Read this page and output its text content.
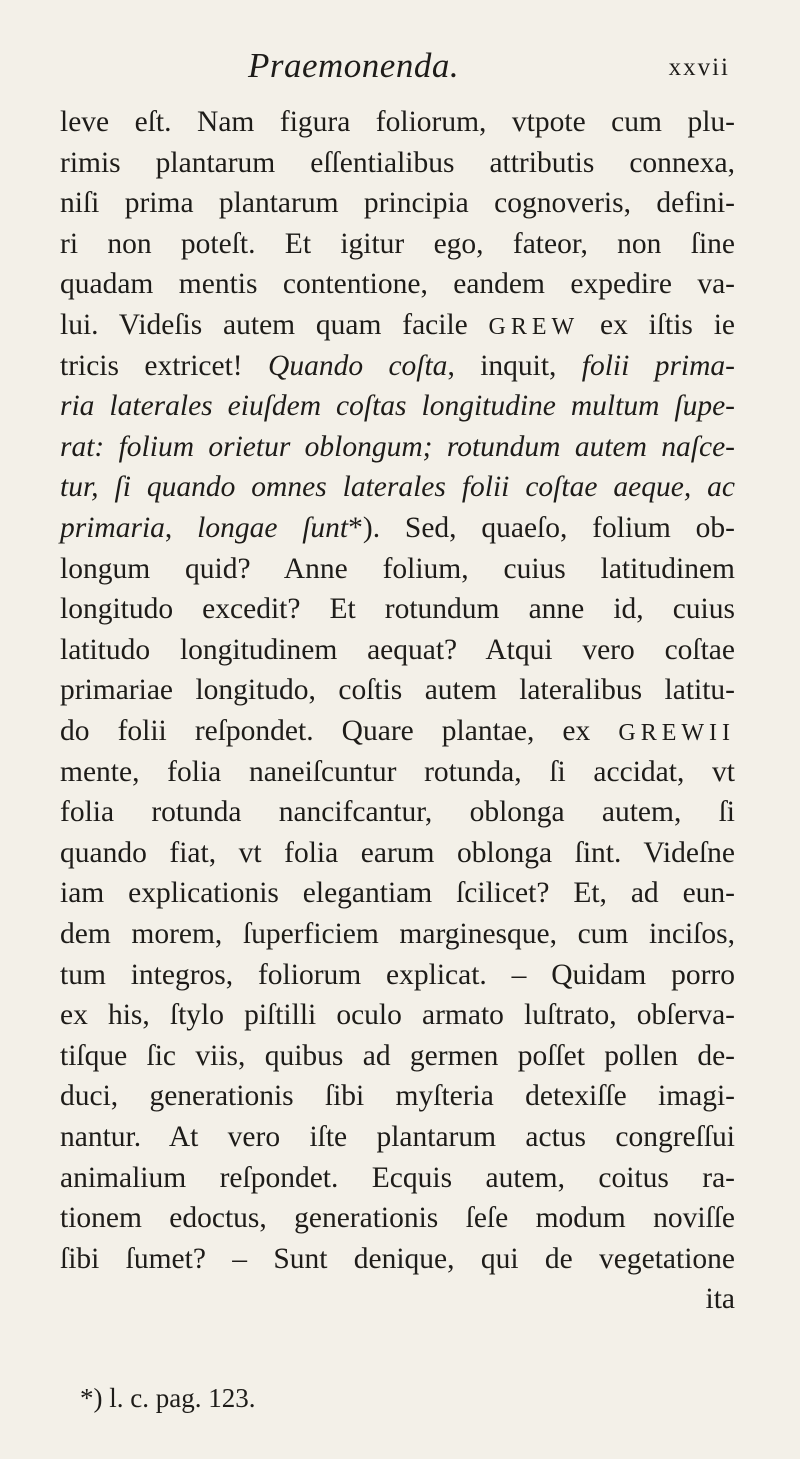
Praemonenda.	xxvii
leve eſt. Nam figura foliorum, vtpote cum plu-
rimis plantarum eſſentialibus attributis connexa,
niſi prima plantarum principia cognoveris, defini-
ri non poteſt. Et igitur ego, fateor, non ſine
quadam mentis contentione, eandem expedire va-
lui. Videſis autem quam facile GREW ex iſtis ie
tricis extricet! Quando coſta, inquit, folii prima-
ria laterales eiuſdem coſtas longitudine multum ſupe-
rat: folium orietur oblongum; rotundum autem naſce-
tur, ſi quando omnes laterales folii coſtae aeque, ac
primaria, longae ſunt*). Sed, quaeſo, folium ob-
longum quid? Anne folium, cuius latitudinem
longitudo excedit? Et rotundum anne id, cuius
latitudo longitudinem aequat? Atqui vero coſtae
primariae longitudo, coſtis autem lateralibus latitu-
do folii reſpondet. Quare plantae, ex GREWII
mente, folia naneiſcuntur rotunda, ſi accidat, vt
folia rotunda nancifcantur, oblonga autem, ſi
quando fiat, vt folia earum oblonga ſint. Videſne
iam explicationis elegantiam ſcilicet? Et, ad eun-
dem morem, ſuperficiem marginesque, cum inciſos,
tum integros, foliorum explicat. – Quidam porro
ex his, ſtylo piſtilli oculo armato luſtrato, obſerva-
tiſque ſic viis, quibus ad germen poſſet pollen de-
duci, generationis ſibi myſteria detexiſſe imagi-
nantur. At vero iſte plantarum actus congreſſui
animalium reſpondet. Ecquis autem, coitus ra-
tionem edoctus, generationis ſeſe modum noviſſe
ſibi ſumet? – Sunt denique, qui de vegetatione
ita
*) l. c. pag. 123.
